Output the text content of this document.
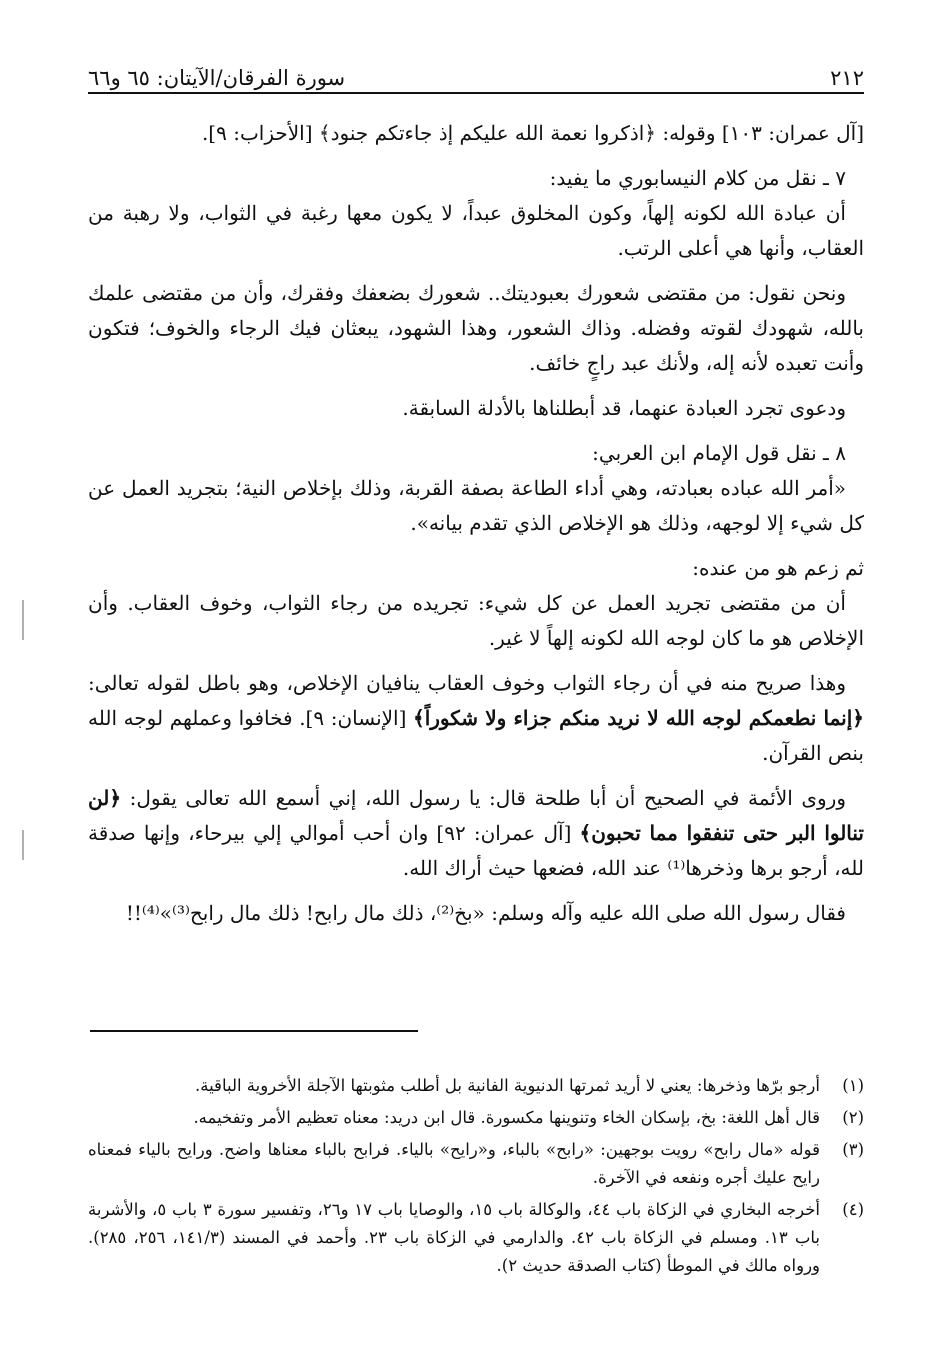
٢١٢
سورة الفرقان/الآيتان: ٦٥ و٦٦

[آل عمران: ١٠٣] وقوله: ﴿اذكروا نعمة الله عليكم إذ جاءتكم جنود﴾ [الأحزاب: ٩].

٧ ـ نقل من كلام النيسابوري ما يفيد:

أن عبادة الله لكونه إلهاً، وكون المخلوق عبداً، لا يكون معها رغبة في الثواب، ولا رهبة من العقاب، وأنها هي أعلى الرتب.

ونحن نقول: من مقتضى شعورك بعبوديتك.. شعورك بضعفك وفقرك، وأن من مقتضى علمك بالله، شهودك لقوته وفضله. وذاك الشعور، وهذا الشهود، يبعثان فيك الرجاء والخوف؛ فتكون وأنت تعبده لأنه إله، ولأنك عبد راجٍ خائف.

ودعوى تجرد العبادة عنهما، قد أبطلناها بالأدلة السابقة.

٨ ـ نقل قول الإمام ابن العربي:

«أمر الله عباده بعبادته، وهي أداء الطاعة بصفة القربة، وذلك بإخلاص النية؛ بتجريد العمل عن كل شيء إلا لوجهه، وذلك هو الإخلاص الذي تقدم بيانه».

ثم زعم هو من عنده:

أن من مقتضى تجريد العمل عن كل شيء: تجريده من رجاء الثواب، وخوف العقاب. وأن الإخلاص هو ما كان لوجه الله لكونه إلهاً لا غير.

وهذا صريح منه في أن رجاء الثواب وخوف العقاب ينافيان الإخلاص، وهو باطل لقوله تعالى: ﴿إنما نطعمكم لوجه الله لا نريد منكم جزاء ولا شكوراً﴾ [الإنسان: ٩]. فخافوا وعملهم لوجه الله بنص القرآن.

وروى الأئمة في الصحيح أن أبا طلحة قال: يا رسول الله، إني أسمع الله تعالى يقول: ﴿لن تنالوا البر حتى تنفقوا مما تحبون﴾ [آل عمران: ٩٢] وان أحب أموالي إلي بيرحاء، وإنها صدقة لله، أرجو برها وذخرها⁽¹⁾ عند الله، فضعها حيث أراك الله.

فقال رسول الله صلى الله عليه وآله وسلم: «بخ⁽²⁾، ذلك مال رابح! ذلك مال رابح⁽³⁾»⁽⁴⁾!!

(١)
أرجو برّها وذخرها: يعني لا أريد ثمرتها الدنيوية الفانية بل أطلب مثوبتها الآجلة الأخروية الباقية.
(٢)
قال أهل اللغة: بخ، بإسكان الخاء وتنوينها مكسورة. قال ابن دريد: معناه تعظيم الأمر وتفخيمه.
(٣)
قوله «مال رابح» رويت بوجهين: «رابح» بالباء، و«رايح» بالياء. فرابح بالباء معناها واضح. ورايح بالياء فمعناه رايح عليك أجره ونفعه في الآخرة.
(٤)
أخرجه البخاري في الزكاة باب ٤٤، والوكالة باب ١٥، والوصايا باب ١٧ و٢٦، وتفسير سورة ٣ باب ٥، والأشربة باب ١٣. ومسلم في الزكاة باب ٤٢. والدارمي في الزكاة باب ٢٣. وأحمد في المسند (١٤١/٣، ٢٥٦، ٢٨٥). ورواه مالك في الموطأ (كتاب الصدقة حديث ٢).
